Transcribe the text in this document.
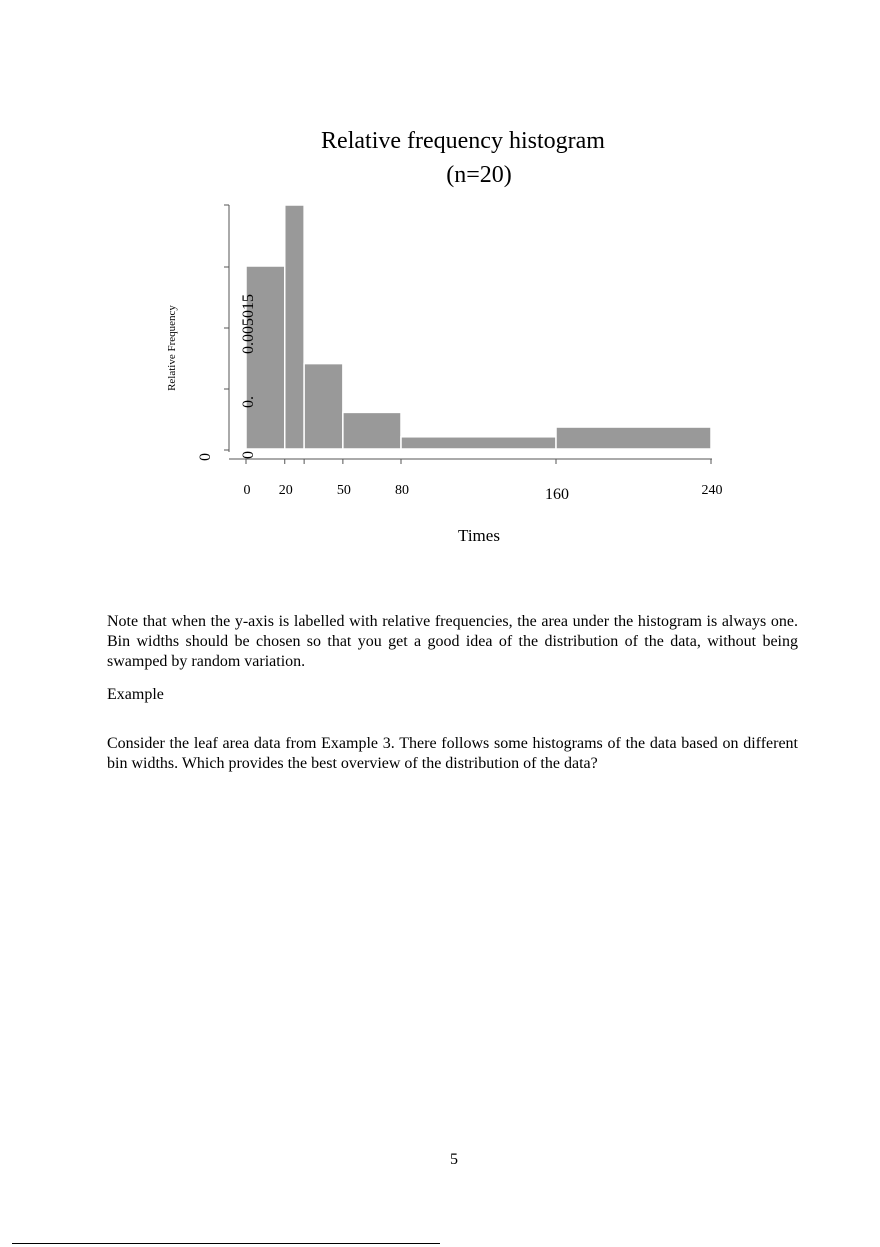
Relative frequency histogram
(n=20)
0 20	50	80	160	240
Times
0 0
0.
0.005015
Relative Frequency

Note that when the y-axis is labelled with relative frequencies, the area under the histogram is always one. Bin widths should be chosen so that you get a good idea of the distribution of the data, without being swamped by random variation.

Example

Consider the leaf area data from Example 3. There follows some histograms of the data based on different bin widths. Which provides the best overview of the distribution of the data?

5
